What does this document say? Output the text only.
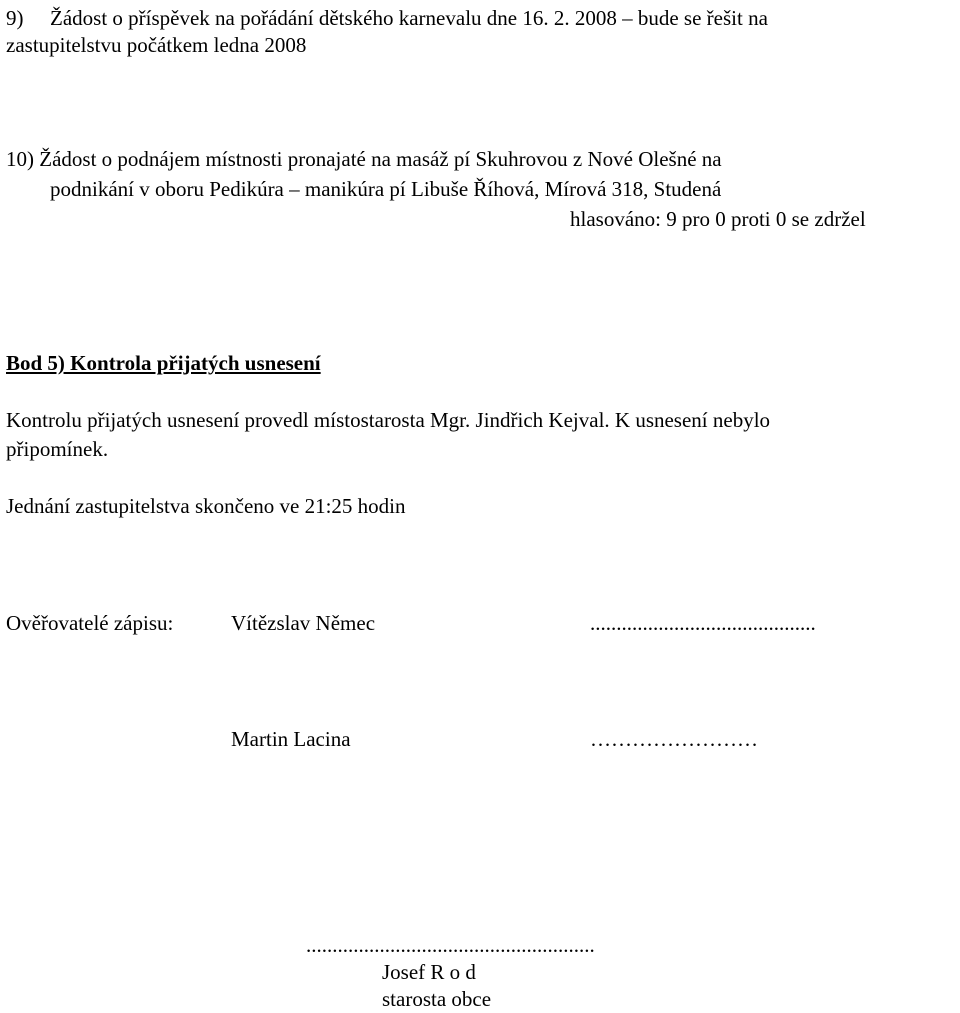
9) Žádost o příspěvek na pořádání dětského karnevalu dne 16. 2. 2008 – bude se řešit na
zastupitelstvu počátkem ledna 2008
10) Žádost o podnájem místnosti pronajaté na masáž pí Skuhrovou z Nové Olešné na
podnikání v oboru Pedikúra – manikúra pí Libuše Říhová, Mírová 318, Studená
hlasováno: 9 pro 0 proti 0 se zdržel
Bod 5) Kontrola přijatých usnesení
Kontrolu přijatých usnesení provedl místostarosta Mgr. Jindřich Kejval. K usnesení nebylo
připomínek.
Jednání zastupitelstva skončeno ve 21:25 hodin
Ověřovatelé zápisu:	Vítězslav Němec	...........................................
Martin Lacina	……………………
.......................................................
Josef R o d
starosta obce
